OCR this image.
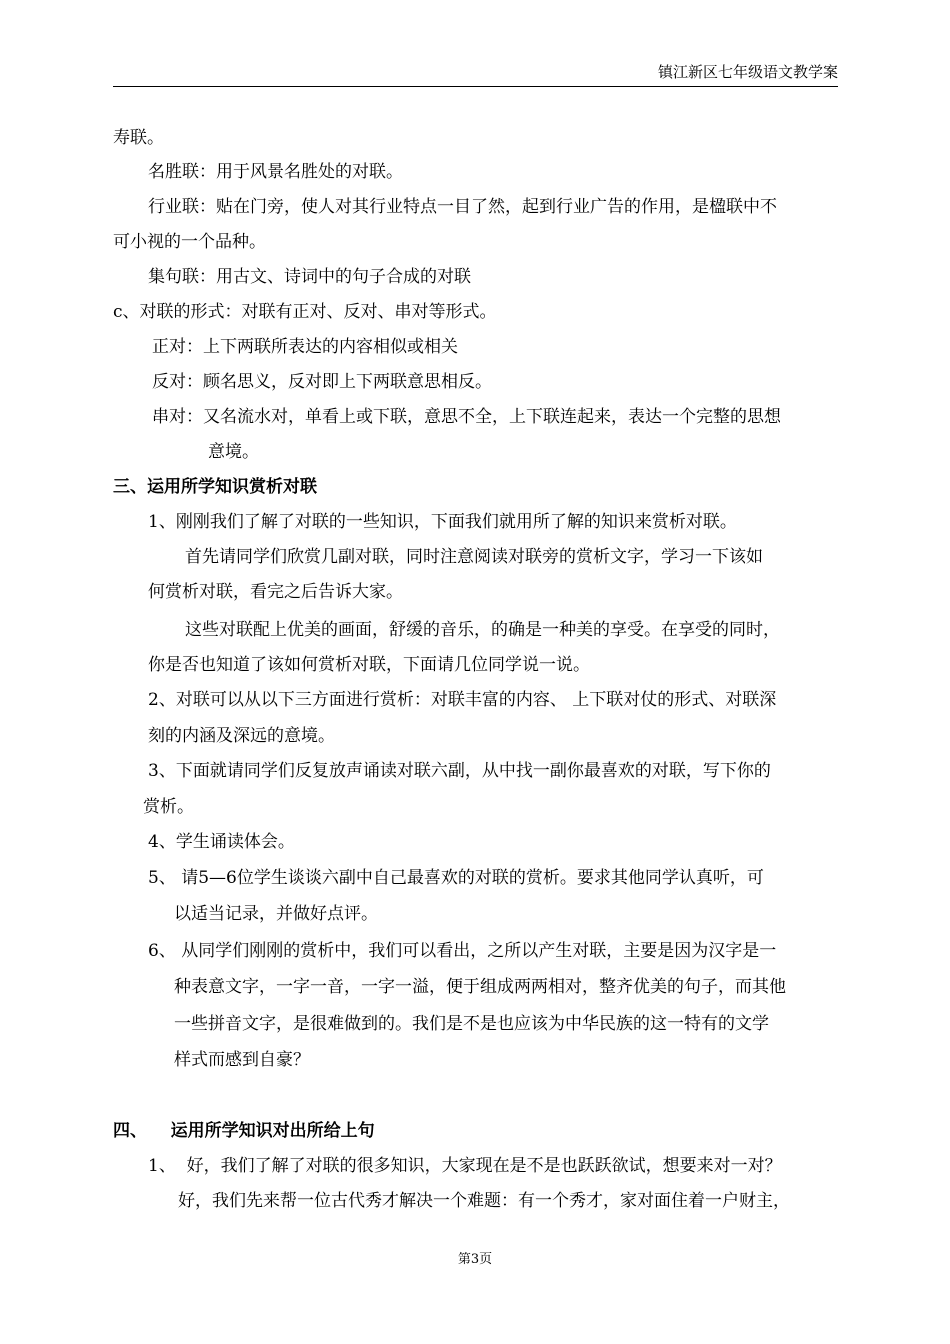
镇江新区七年级语文教学案
寿联。
名胜联：用于风景名胜处的对联。
行业联：贴在门旁，使人对其行业特点一目了然，起到行业广告的作用，是楹联中不
可小视的一个品种。
集句联：用古文、诗词中的句子合成的对联
c、对联的形式：对联有正对、反对、串对等形式。
正对：上下两联所表达的内容相似或相关
反对：顾名思义，反对即上下两联意思相反。
串对：又名流水对，单看上或下联，意思不全，上下联连起来，表达一个完整的思想
意境。
三、运用所学知识赏析对联
1、刚刚我们了解了对联的一些知识，下面我们就用所了解的知识来赏析对联。
首先请同学们欣赏几副对联，同时注意阅读对联旁的赏析文字，学习一下该如
何赏析对联，看完之后告诉大家。
这些对联配上优美的画面，舒缓的音乐，的确是一种美的享受。在享受的同时，
你是否也知道了该如何赏析对联，下面请几位同学说一说。
2、对联可以从以下三方面进行赏析：对联丰富的内容、 上下联对仗的形式、对联深
刻的内涵及深远的意境。
3、下面就请同学们反复放声诵读对联六副，从中找一副你最喜欢的对联，写下你的
赏析。
4、学生诵读体会。
5、 请5—6位学生谈谈六副中自己最喜欢的对联的赏析。要求其他同学认真听，可
以适当记录，并做好点评。
6、 从同学们刚刚的赏析中，我们可以看出，之所以产生对联，主要是因为汉字是一
种表意文字，一字一音，一字一溢，便于组成两两相对，整齐优美的句子，而其他
一些拼音文字，是很难做到的。我们是不是也应该为中华民族的这一特有的文学
样式而感到自豪？
四、    运用所学知识对出所给上句
1、  好，我们了解了对联的很多知识，大家现在是不是也跃跃欲试，想要来对一对？
好，我们先来帮一位古代秀才解决一个难题：有一个秀才，家对面住着一户财主，
第3页
